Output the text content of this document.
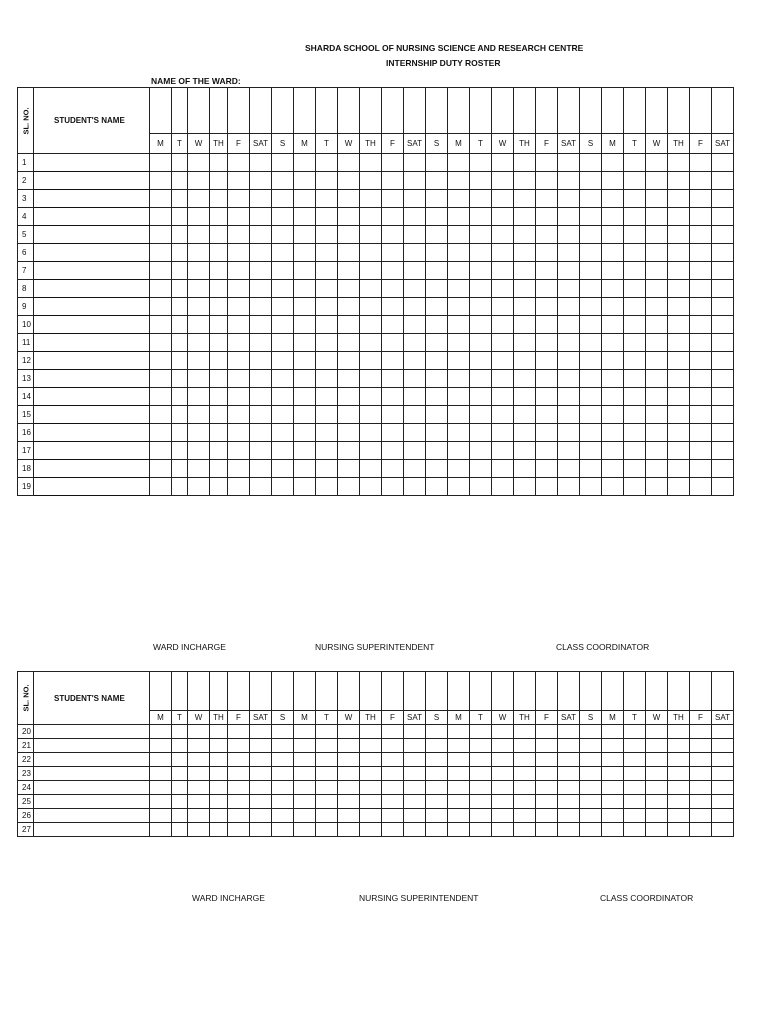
SHARDA SCHOOL OF NURSING SCIENCE AND RESEARCH CENTRE
INTERNSHIP DUTY ROSTER
NAME OF THE WARD:
SL. NO.	STUDENT'S NAME																											
		M	T	W	TH	F	SAT	S	M	T	W	TH	F	SAT	S	M	T	W	TH	F	SAT	S	M	T	W	TH	F	SAT
1																												
2																												
3																												
4																												
5																												
6																												
7																												
8																												
9																												
10																												
11																												
12																												
13																												
14																												
15																												
16																												
17																												
18																												
19																												
WARD INCHARGE	NURSING SUPERINTENDENT	CLASS COORDINATOR
SL. NO.	STUDENT'S NAME																											
		M	T	W	TH	F	SAT	S	M	T	W	TH	F	SAT	S	M	T	W	TH	F	SAT	S	M	T	W	TH	F	SAT
20																												
21																												
22																												
23																												
24																												
25																												
26																												
27																												
WARD INCHARGE	NURSING SUPERINTENDENT	CLASS COORDINATOR
